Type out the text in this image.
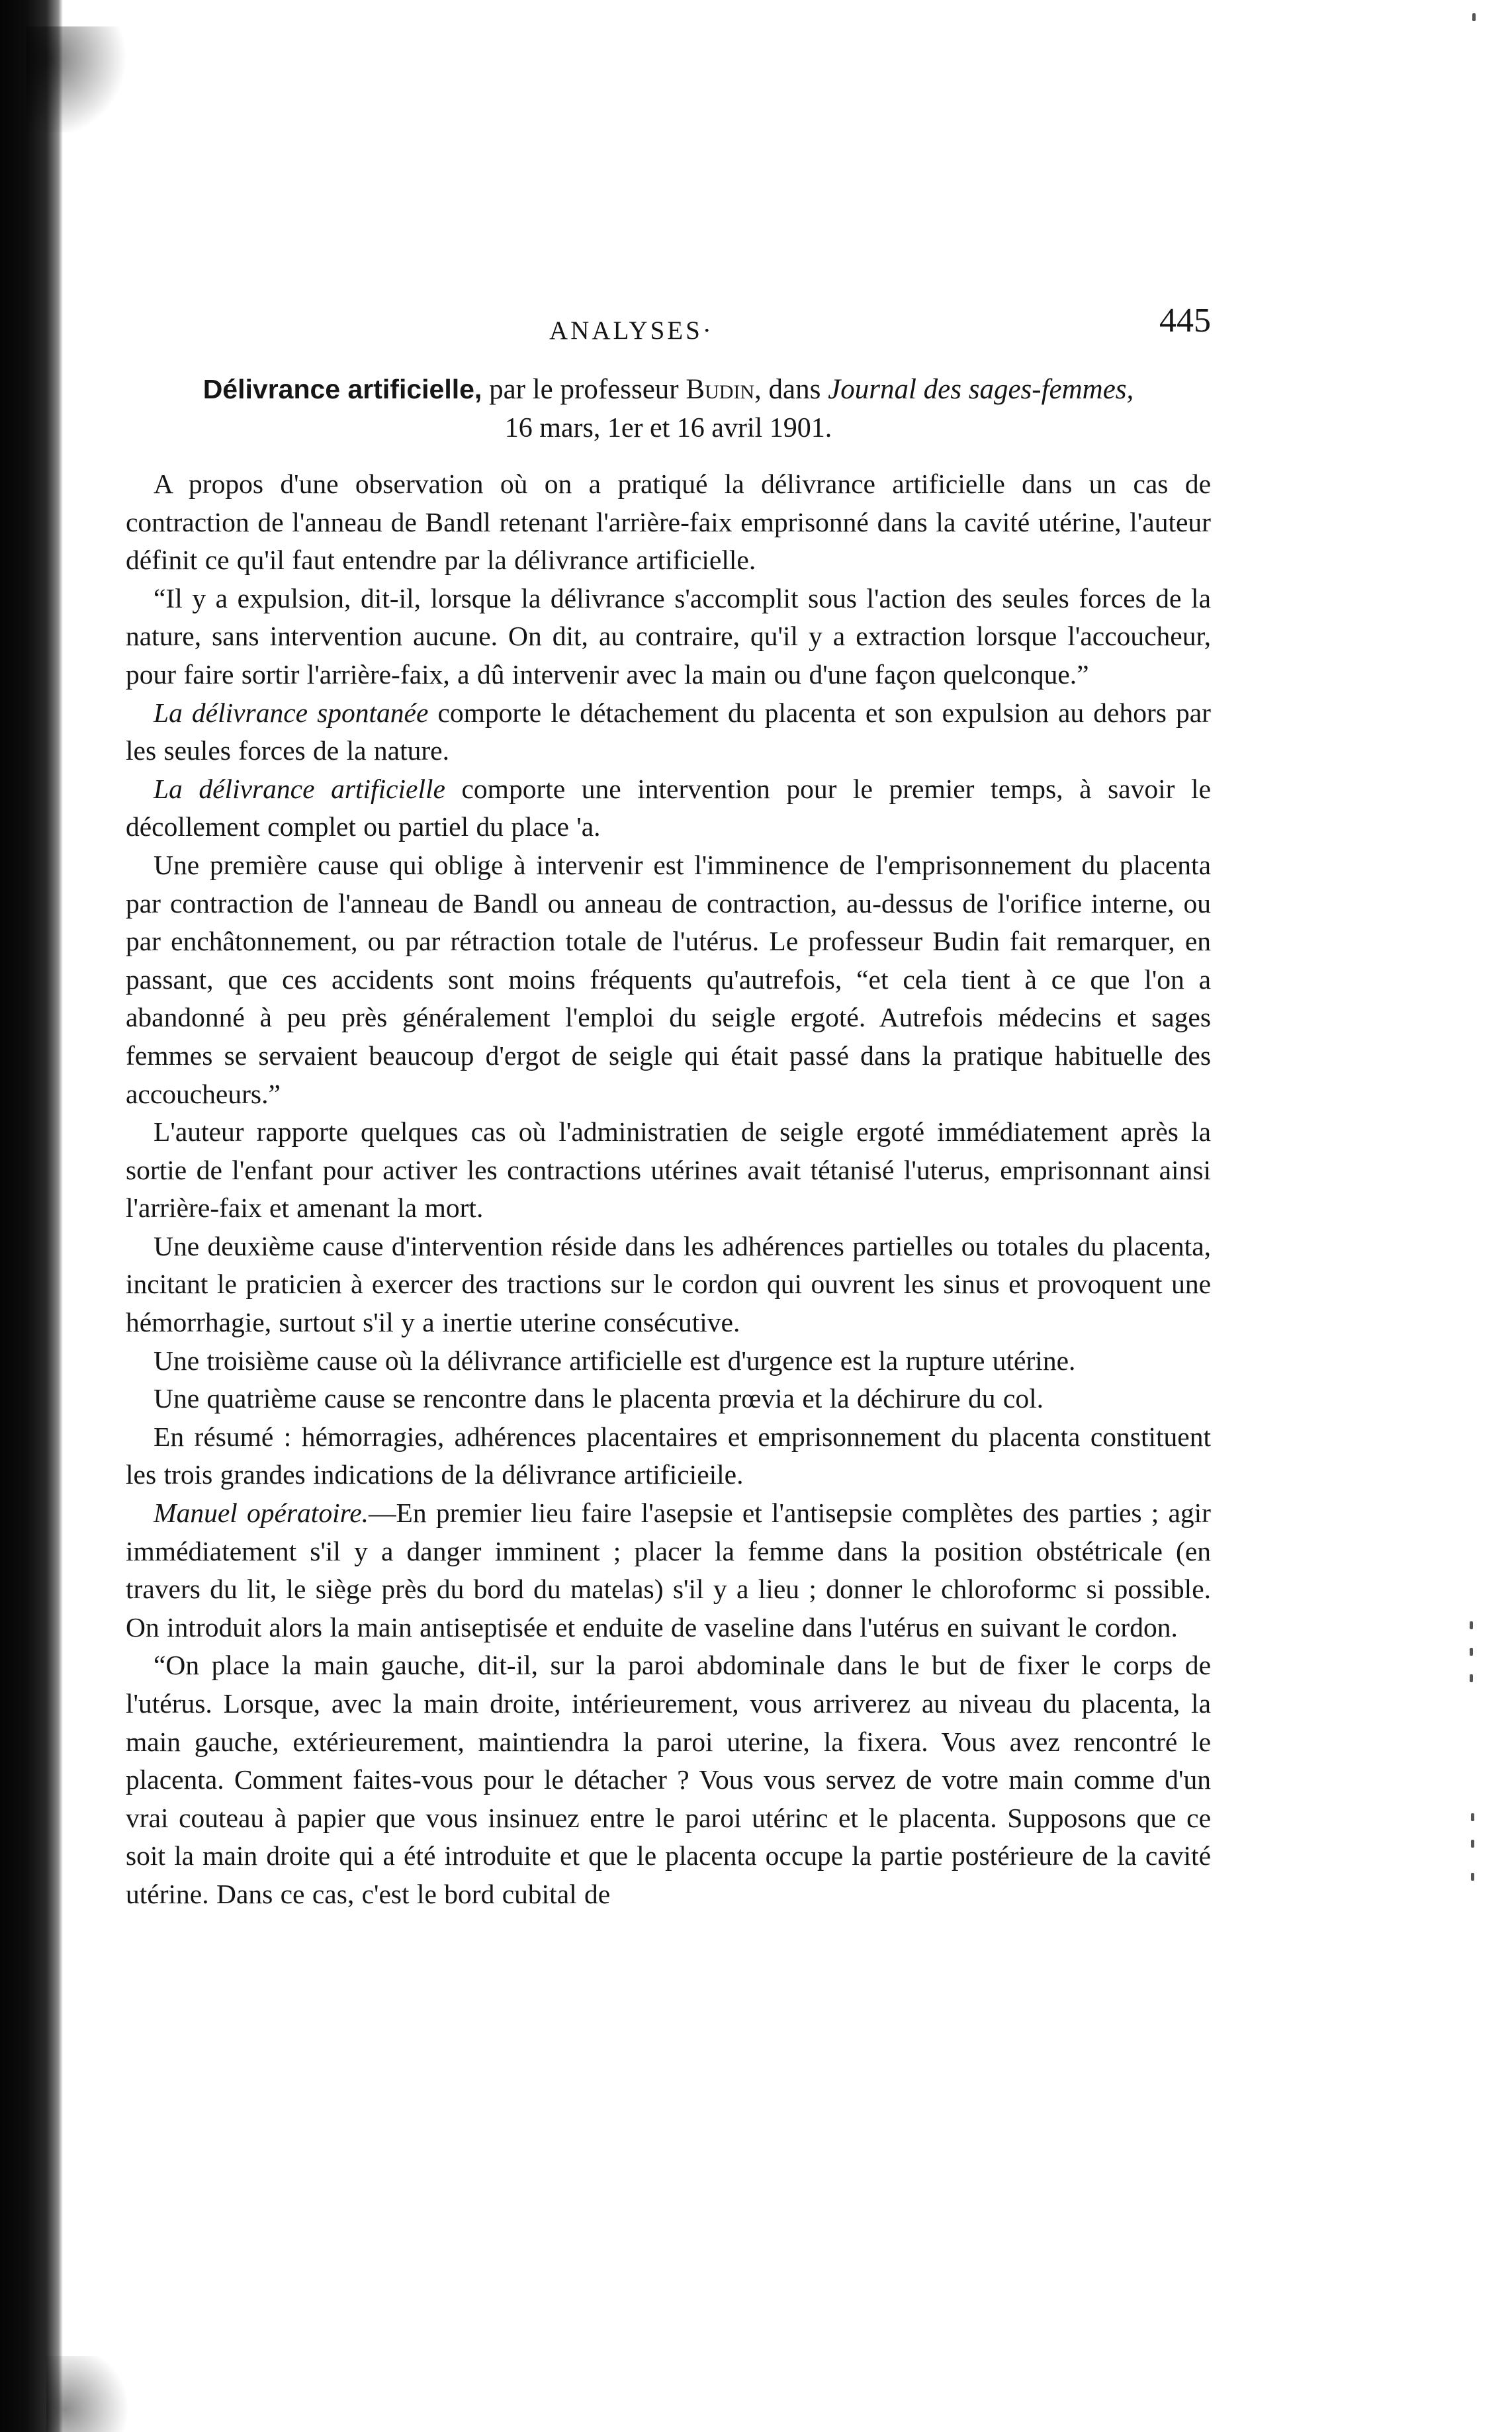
ANALYSES·	445
Délivrance artificielle, par le professeur Budin, dans Journal des sages-femmes,
16 mars, 1er et 16 avril 1901.

A propos d'une observation où on a pratiqué la délivrance artificielle dans un cas de contraction de l'anneau de Bandl retenant l'arrière-faix emprisonné dans la cavité utérine, l'auteur définit ce qu'il faut entendre par la délivrance artificielle.

“Il y a expulsion, dit-il, lorsque la délivrance s'accomplit sous l'action des seules forces de la nature, sans intervention aucune. On dit, au contraire, qu'il y a extraction lorsque l'accoucheur, pour faire sortir l'arrière-faix, a dû intervenir avec la main ou d'une façon quelconque.”

La délivrance spontanée comporte le détachement du placenta et son expulsion au dehors par les seules forces de la nature.

La délivrance artificielle comporte une intervention pour le premier temps, à savoir le décollement complet ou partiel du place 'a.

Une première cause qui oblige à intervenir est l'imminence de l'emprisonnement du placenta par contraction de l'anneau de Bandl ou anneau de contraction, au-dessus de l'orifice interne, ou par enchâtonnement, ou par rétraction totale de l'utérus. Le professeur Budin fait remarquer, en passant, que ces accidents sont moins fréquents qu'autrefois, “et cela tient à ce que l'on a abandonné à peu près généralement l'emploi du seigle ergoté. Autrefois médecins et sages femmes se servaient beaucoup d'ergot de seigle qui était passé dans la pratique habituelle des accoucheurs.”

L'auteur rapporte quelques cas où l'administratien de seigle ergoté immédiatement après la sortie de l'enfant pour activer les contractions utérines avait tétanisé l'uterus, emprisonnant ainsi l'arrière-faix et amenant la mort.

Une deuxième cause d'intervention réside dans les adhérences partielles ou totales du placenta, incitant le praticien à exercer des tractions sur le cordon qui ouvrent les sinus et provoquent une hémorrhagie, surtout s'il y a inertie uterine consécutive.

Une troisième cause où la délivrance artificielle est d'urgence est la rupture utérine.

Une quatrième cause se rencontre dans le placenta prœvia et la déchirure du col.

En résumé : hémorragies, adhérences placentaires et emprisonnement du placenta constituent les trois grandes indications de la délivrance artificieile.

Manuel opératoire.—En premier lieu faire l'asepsie et l'antisepsie complètes des parties ; agir immédiatement s'il y a danger imminent ; placer la femme dans la position obstétricale (en travers du lit, le siège près du bord du matelas) s'il y a lieu ; donner le chloroformc si possible. On introduit alors la main antiseptisée et enduite de vaseline dans l'utérus en suivant le cordon.

“On place la main gauche, dit-il, sur la paroi abdominale dans le but de fixer le corps de l'utérus. Lorsque, avec la main droite, intérieurement, vous arriverez au niveau du placenta, la main gauche, extérieurement, maintiendra la paroi uterine, la fixera. Vous avez rencontré le placenta. Comment faites-vous pour le détacher ? Vous vous servez de votre main comme d'un vrai couteau à papier que vous insinuez entre le paroi utérinc et le placenta. Supposons que ce soit la main droite qui a été introduite et que le placenta occupe la partie postérieure de la cavité utérine. Dans ce cas, c'est le bord cubital de
